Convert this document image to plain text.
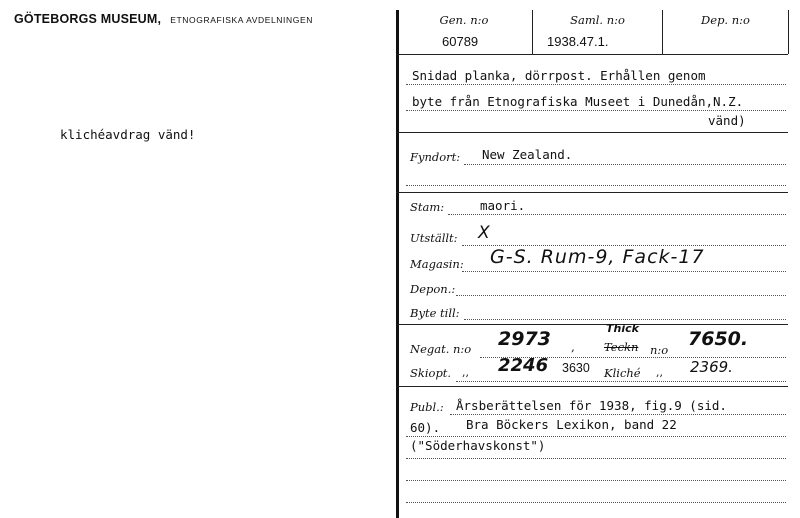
GÖTEBORGS MUSEUM, ETNOGRAFISKA AVDELNINGEN
klichéavdrag vänd!
Gen. n:o
60789
Saml. n:o
1938.47.1.
Dep. n:o
Snidad planka, dörrpost. Erhållen genom
byte från Etnografiska Museet i Dunedån,N.Z.
vänd)
Fyndort: New Zealand.
Stam:	maori.
Utställt: X
Magasin: G-S. Rum-9, Fack-17
Depon.:
Byte till:
Negat. n:o 2973 ,
Thick
Teckn n:o 7650.
Skiopt. ,, 2246 3630 Kliché ,, 2369.
Publ.: Årsberättelsen för 1938, fig.9 (sid.
60). Bra Böckers Lexikon, band 22
("Söderhavskonst")
